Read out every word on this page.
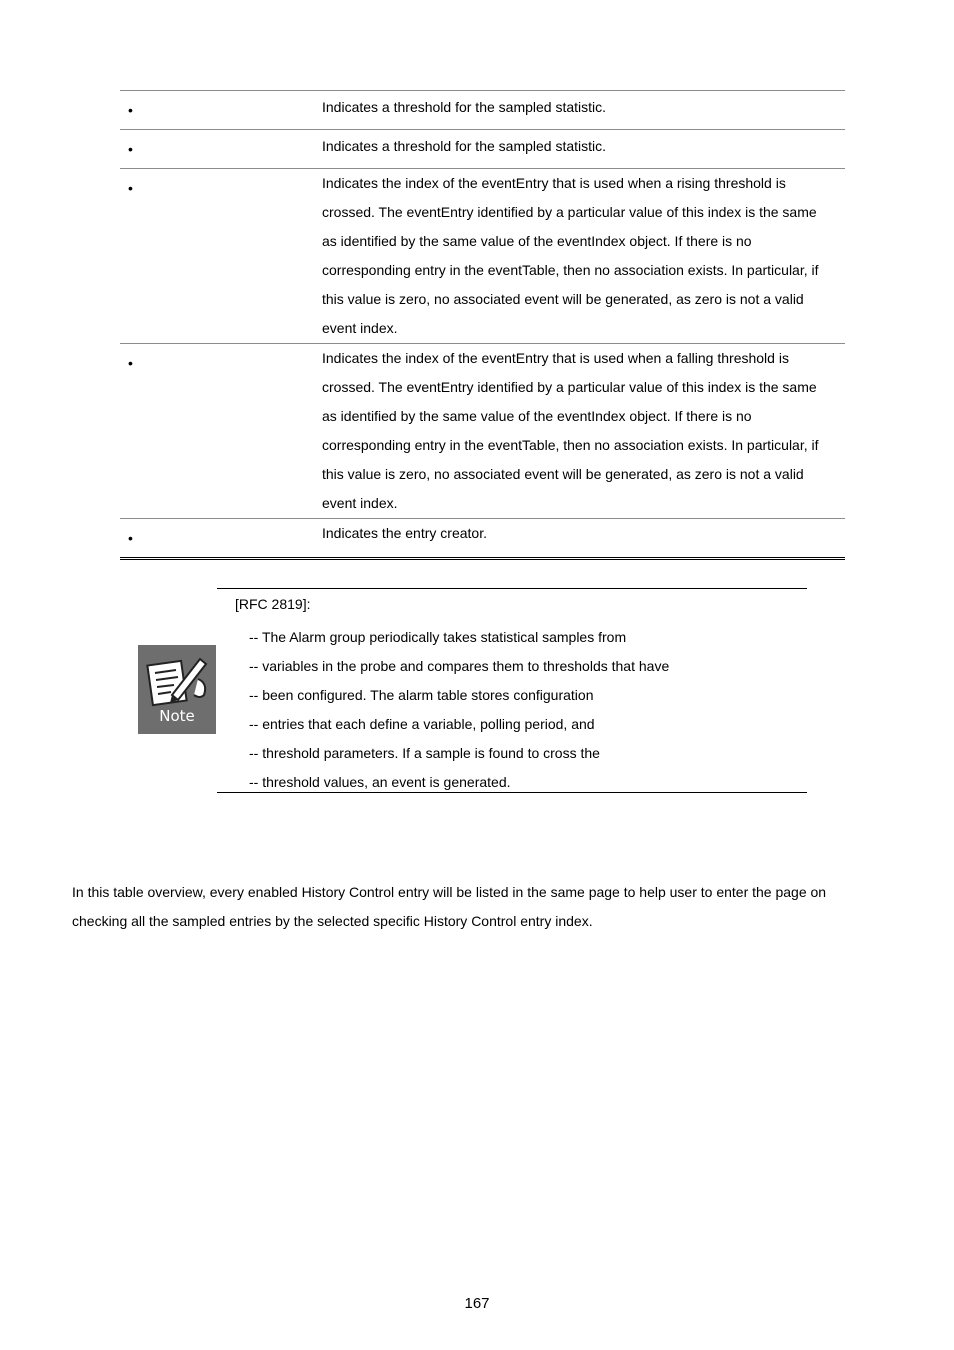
•	Indicates a threshold for the sampled statistic.
•	Indicates a threshold for the sampled statistic.
•	Indicates the index of the eventEntry that is used when a rising threshold is
crossed. The eventEntry identified by a particular value of this index is the same
as identified by the same value of the eventIndex object. If there is no
corresponding entry in the eventTable, then no association exists. In particular, if
this value is zero, no associated event will be generated, as zero is not a valid
event index.
•	Indicates the index of the eventEntry that is used when a falling threshold is
crossed. The eventEntry identified by a particular value of this index is the same
as identified by the same value of the eventIndex object. If there is no
corresponding entry in the eventTable, then no association exists. In particular, if
this value is zero, no associated event will be generated, as zero is not a valid
event index.
•	Indicates the entry creator.
Note
[RFC 2819]:
-- The Alarm group periodically takes statistical samples from
-- variables in the probe and compares them to thresholds that have
-- been configured. The alarm table stores configuration
-- entries that each define a variable, polling period, and
-- threshold parameters. If a sample is found to cross the
-- threshold values, an event is generated.
In this table overview, every enabled History Control entry will be listed in the same page to help user to enter the page on
checking all the sampled entries by the selected specific History Control entry index.
167
